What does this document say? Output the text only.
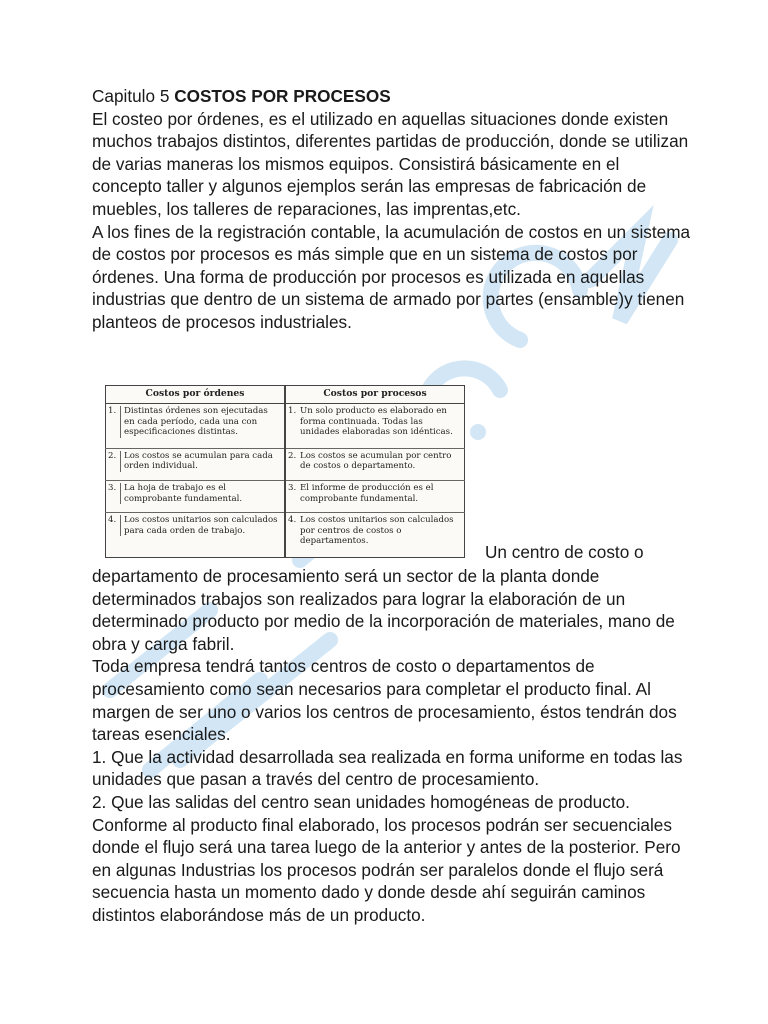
Capitulo 5 COSTOS POR PROCESOS

El costeo por órdenes, es el utilizado en aquellas situaciones donde existen muchos trabajos distintos, diferentes partidas de producción, donde se utilizan de varias maneras los mismos equipos. Consistirá básicamente en el concepto taller y algunos ejemplos serán las empresas de fabricación de muebles, los talleres de reparaciones, las imprentas,etc.

A los fines de la registración contable, la acumulación de costos en un sistema de costos por procesos es más simple que en un sistema de costos por órdenes. Una forma de producción por procesos es utilizada en aquellas industrias que dentro de un sistema de armado por partes (ensamble)y tienen planteos de procesos industriales.

Costos por órdenes	Costos por procesos

1. Distintas órdenes son ejecutadas en cada período, cada una con especificaciones distintas.	1. Un solo producto es elaborado en forma continuada. Todas las unidades elaboradas son idénticas.

2. Los costos se acumulan para cada orden individual.	2. Los costos se acumulan por centro de costos o departamento.

3. La hoja de trabajo es el comprobante fundamental.	3. El informe de producción es el comprobante fundamental.

4. Los costos unitarios son calculados para cada orden de trabajo.	4. Los costos unitarios son calculados por centros de costos o departamentos.
Un centro de costo o

departamento de procesamiento será un sector de la planta donde determinados trabajos son realizados para lograr la elaboración de un determinado producto por medio de la incorporación de materiales, mano de obra y carga fabril.

Toda empresa tendrá tantos centros de costo o departamentos de procesamiento como sean necesarios para completar el producto final. Al margen de ser uno o varios los centros de procesamiento, éstos tendrán dos tareas esenciales.

1. Que la actividad desarrollada sea realizada en forma uniforme en todas las unidades que pasan a través del centro de procesamiento.

2. Que las salidas del centro sean unidades homogéneas de producto.

Conforme al producto final elaborado, los procesos podrán ser secuenciales donde el flujo será una tarea luego de la anterior y antes de la posterior. Pero en algunas Industrias los procesos podrán ser paralelos donde el flujo será secuencia hasta un momento dado y donde desde ahí seguirán caminos distintos elaborándose más de un producto.
